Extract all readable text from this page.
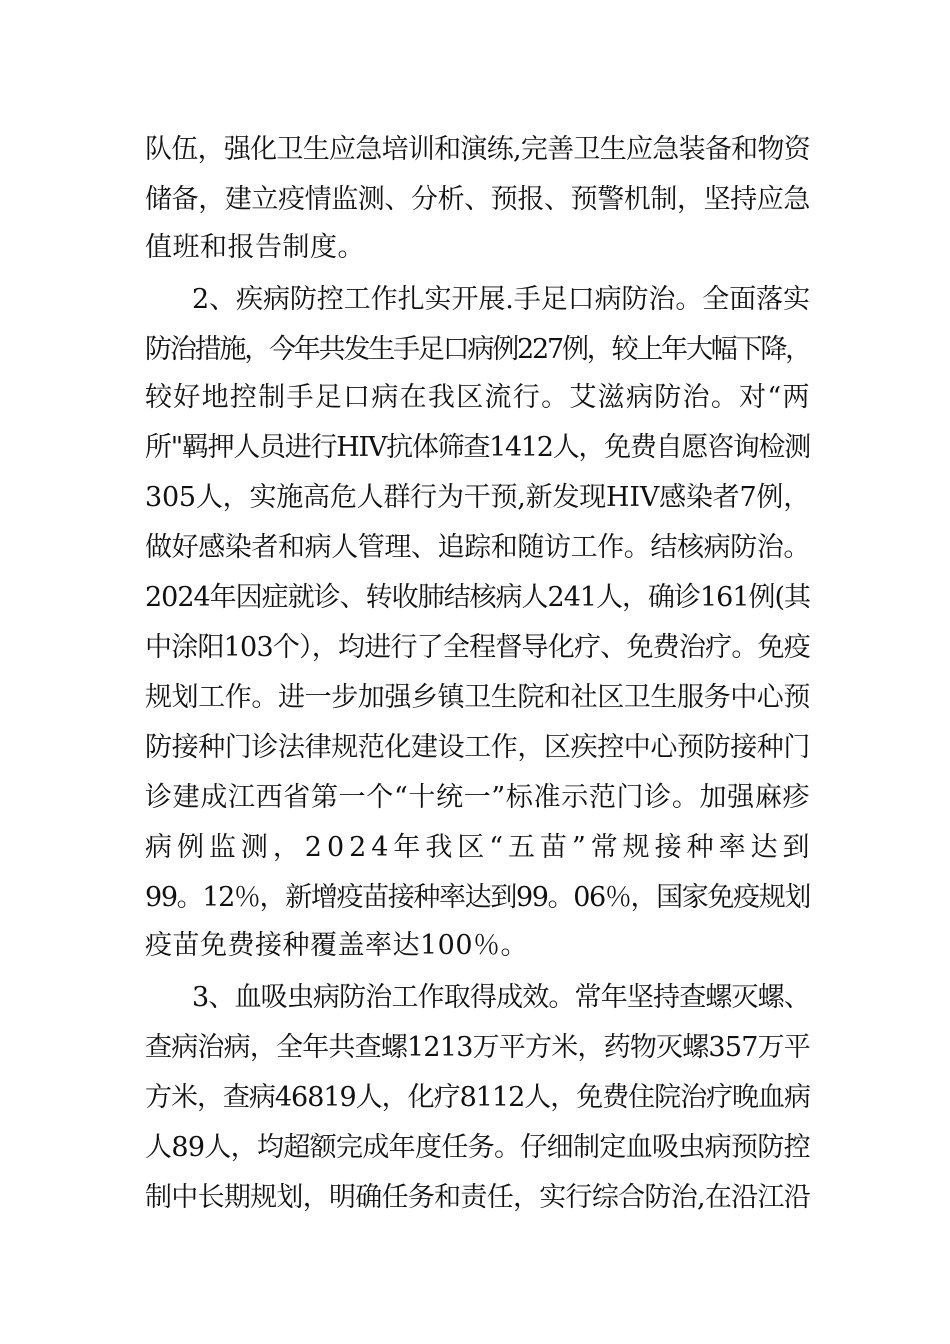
队伍，强化卫生应急培训和演练,完善卫生应急装备和物资
储备，建立疫情监测、分析、预报、预警机制，坚持应急
值班和报告制度。
2、疾病防控工作扎实开展.手足口病防治。全面落实
防治措施，今年共发生手足口病例227例，较上年大幅下降，
较好地控制手足口病在我区流行。艾滋病防治。对“两
所"羁押人员进行HIV抗体筛查1412人，免费自愿咨询检测
305人，实施高危人群行为干预,新发现HIV感染者7例，
做好感染者和病人管理、追踪和随访工作。结核病防治。
2024年因症就诊、转收肺结核病人241人，确诊161例(其
中涂阳103个），均进行了全程督导化疗、免费治疗。免疫
规划工作。进一步加强乡镇卫生院和社区卫生服务中心预
防接种门诊法律规范化建设工作，区疾控中心预防接种门
诊建成江西省第一个“十统一”标准示范门诊。加强麻疹
病例监测，2024年我区“五苗”常规接种率达到
99。12％，新增疫苗接种率达到99。06％，国家免疫规划
疫苗免费接种覆盖率达100％。
3、血吸虫病防治工作取得成效。常年坚持查螺灭螺、
查病治病，全年共查螺1213万平方米，药物灭螺357万平
方米，查病46819人，化疗8112人，免费住院治疗晚血病
人89人，均超额完成年度任务。仔细制定血吸虫病预防控
制中长期规划，明确任务和责任，实行综合防治,在沿江沿
